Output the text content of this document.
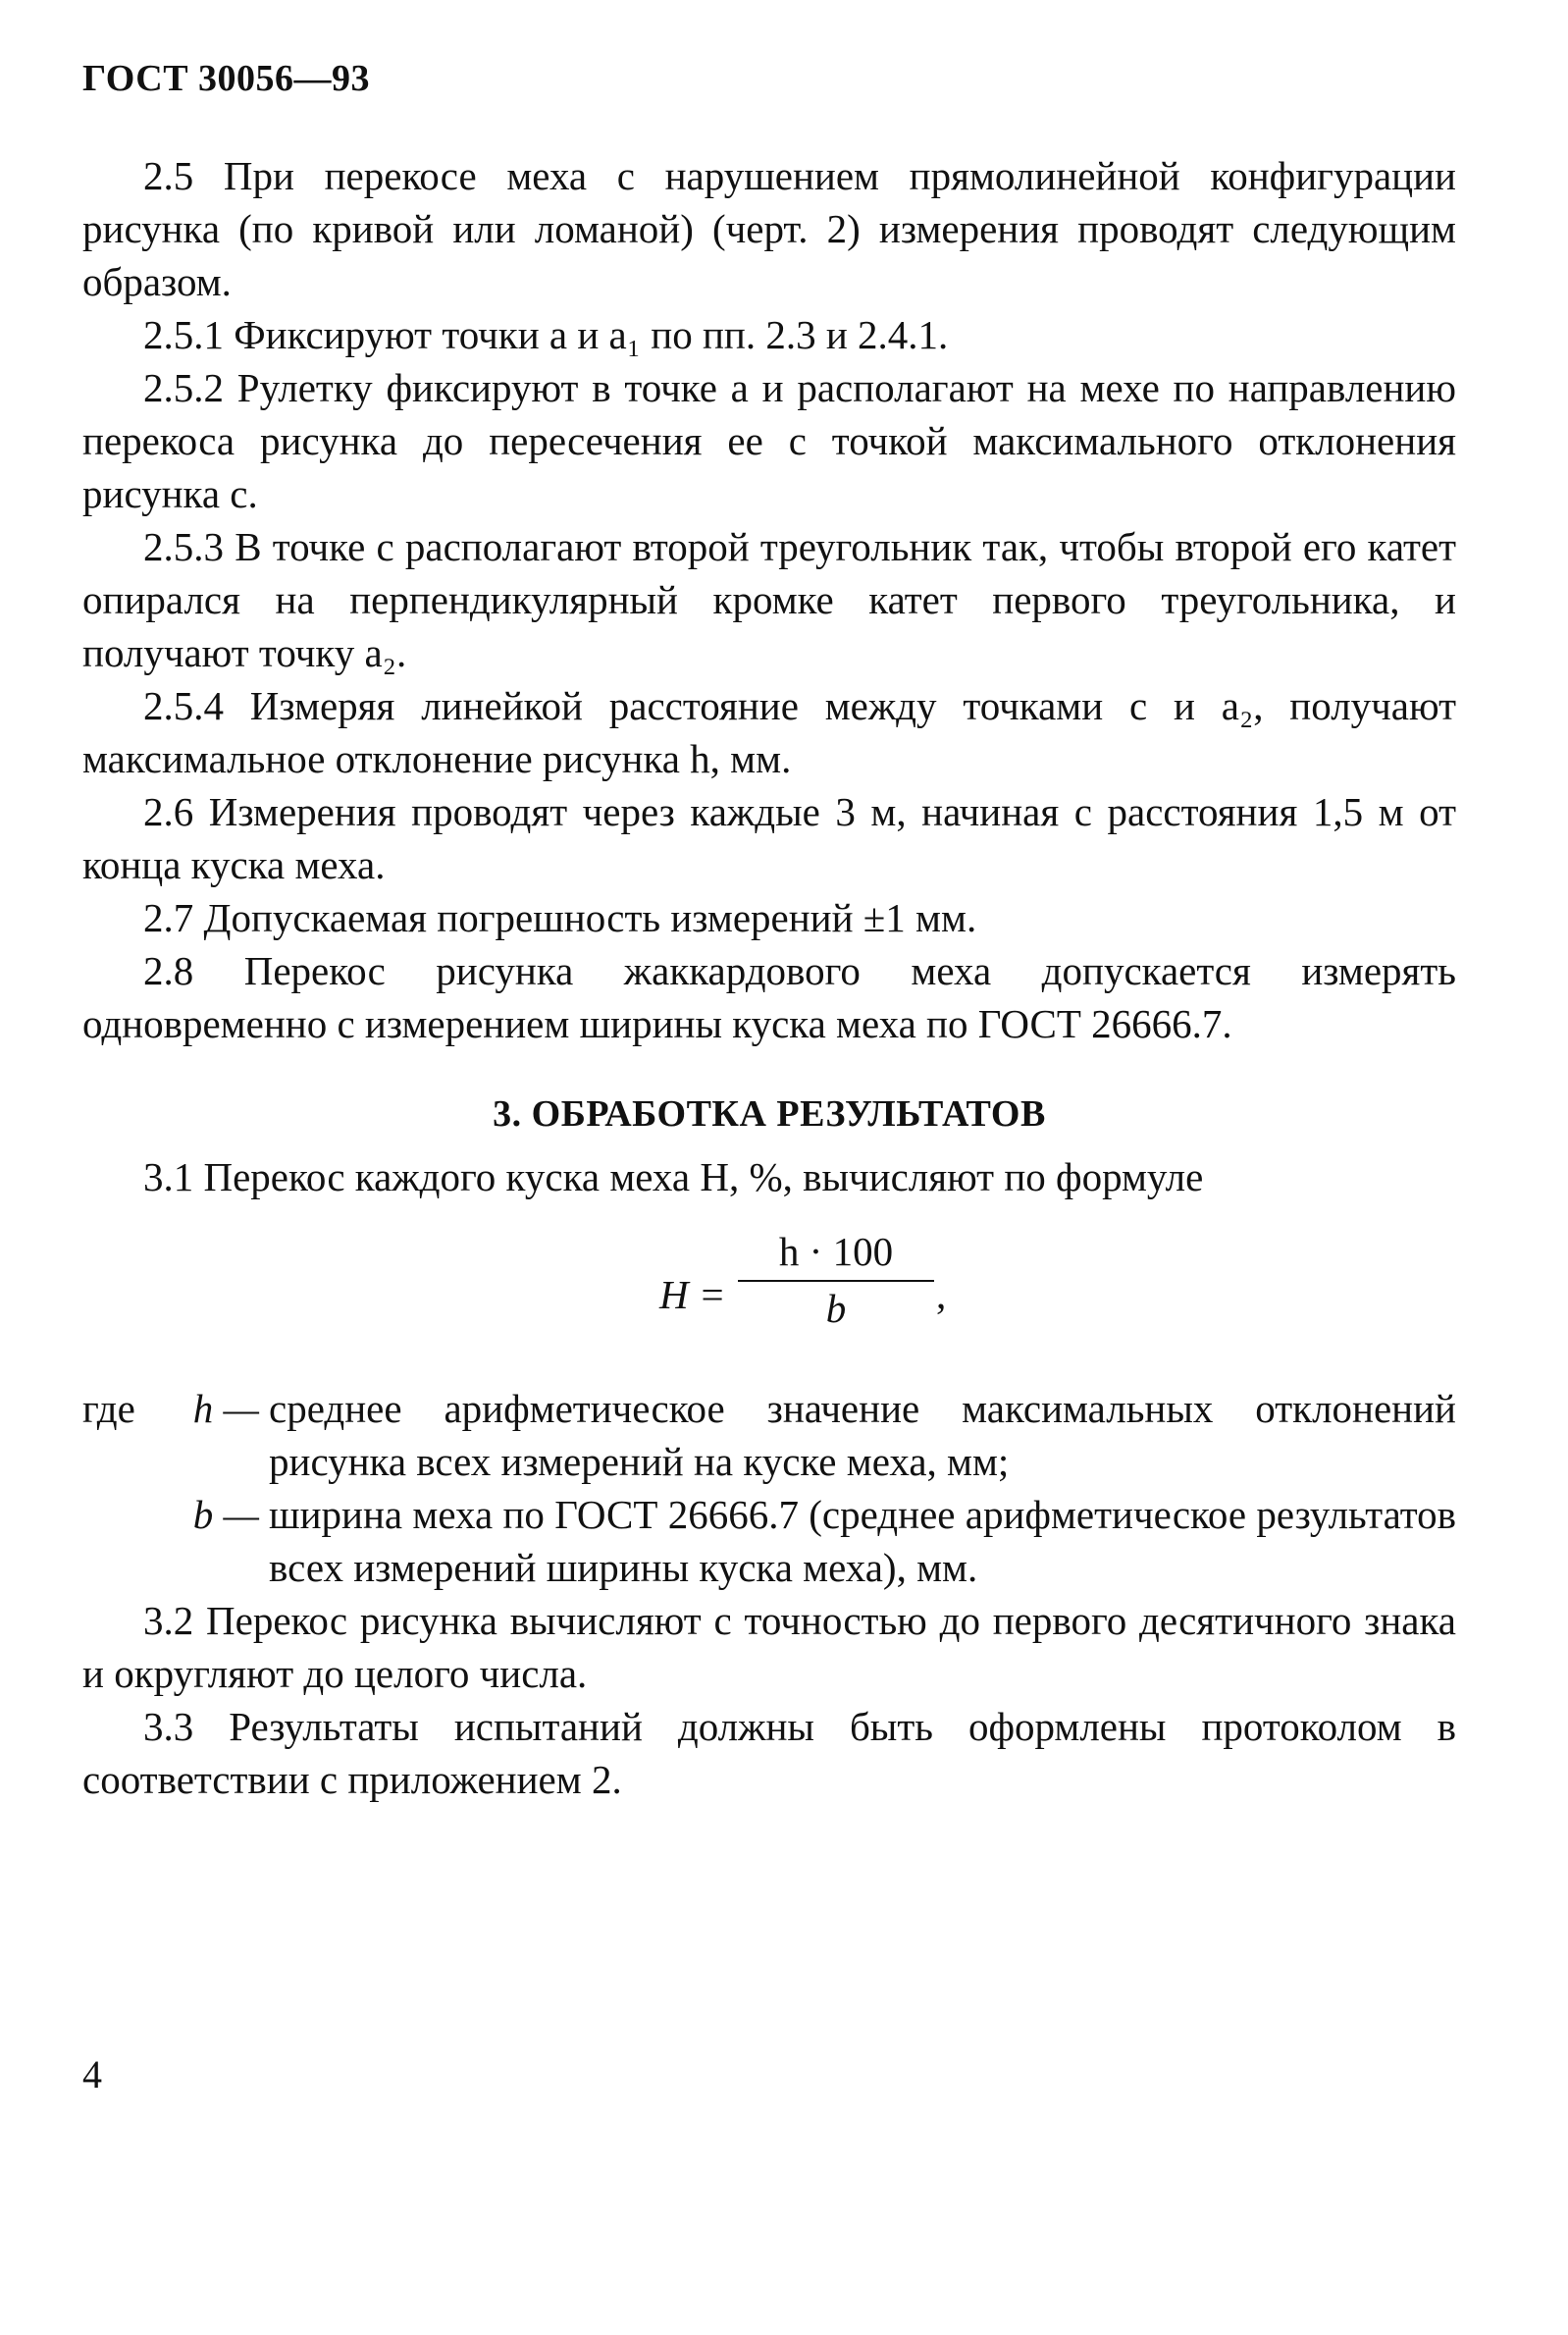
ГОСТ 30056—93

2.5 При перекосе меха с нарушением прямолинейной конфигурации рисунка (по кривой или ломаной) (черт. 2) измерения проводят следующим образом.

2.5.1 Фиксируют точки а и а₁ по пп. 2.3 и 2.4.1.

2.5.2 Рулетку фиксируют в точке а и располагают на мехе по направлению перекоса рисунка до пересечения ее с точкой максимального отклонения рисунка с.

2.5.3 В точке с располагают второй треугольник так, чтобы второй его катет опирался на перпендикулярный кромке катет первого треугольника, и получают точку а₂.

2.5.4 Измеряя линейкой расстояние между точками с и а₂, получают максимальное отклонение рисунка h, мм.

2.6 Измерения проводят через каждые 3 м, начиная с расстояния 1,5 м от конца куска меха.

2.7 Допускаемая погрешность измерений ±1 мм.

2.8 Перекос рисунка жаккардового меха допускается измерять одновременно с измерением ширины куска меха по ГОСТ 26666.7.

3. ОБРАБОТКА РЕЗУЛЬТАТОВ

3.1 Перекос каждого куска меха H, %, вычисляют по формуле

$H = \frac{h \cdot 100}{b}$ ,
где	h — среднее арифметическое значение максимальных отклонений рисунка всех измерений на куске меха, мм;
b — ширина меха по ГОСТ 26666.7 (среднее арифметическое результатов всех измерений ширины куска меха), мм.

3.2 Перекос рисунка вычисляют с точностью до первого десятичного знака и округляют до целого числа.

3.3 Результаты испытаний должны быть оформлены протоколом в соответствии с приложением 2.

4
